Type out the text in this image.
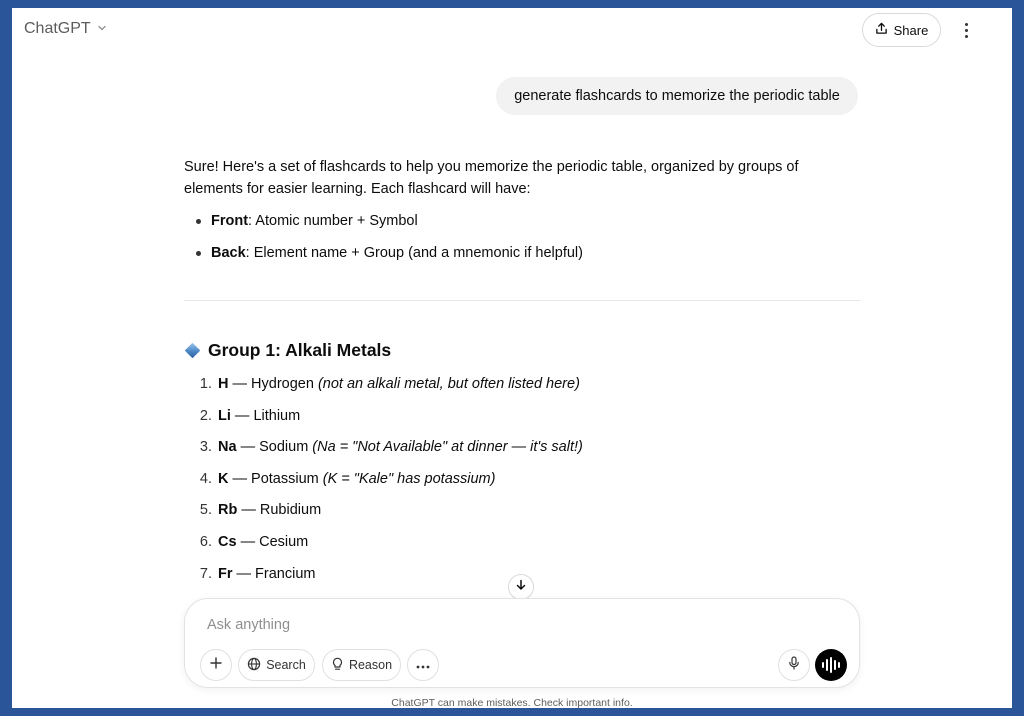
ChatGPT	Share
generate flashcards to memorize the periodic table

Sure! Here's a set of flashcards to help you memorize the periodic table, organized by groups of elements for easier learning. Each flashcard will have:

Front: Atomic number + Symbol
Back: Element name + Group (and a mnemonic if helpful)
Group 1: Alkali Metals
1. H — Hydrogen (not an alkali metal, but often listed here)
2. Li — Lithium
3. Na — Sodium (Na = "Not Available" at dinner — it's salt!)
4. K — Potassium (K = "Kale" has potassium)
5. Rb — Rubidium
6. Cs — Cesium
7. Fr — Francium
Ask anything
Search	Reason
ChatGPT can make mistakes. Check important info.
